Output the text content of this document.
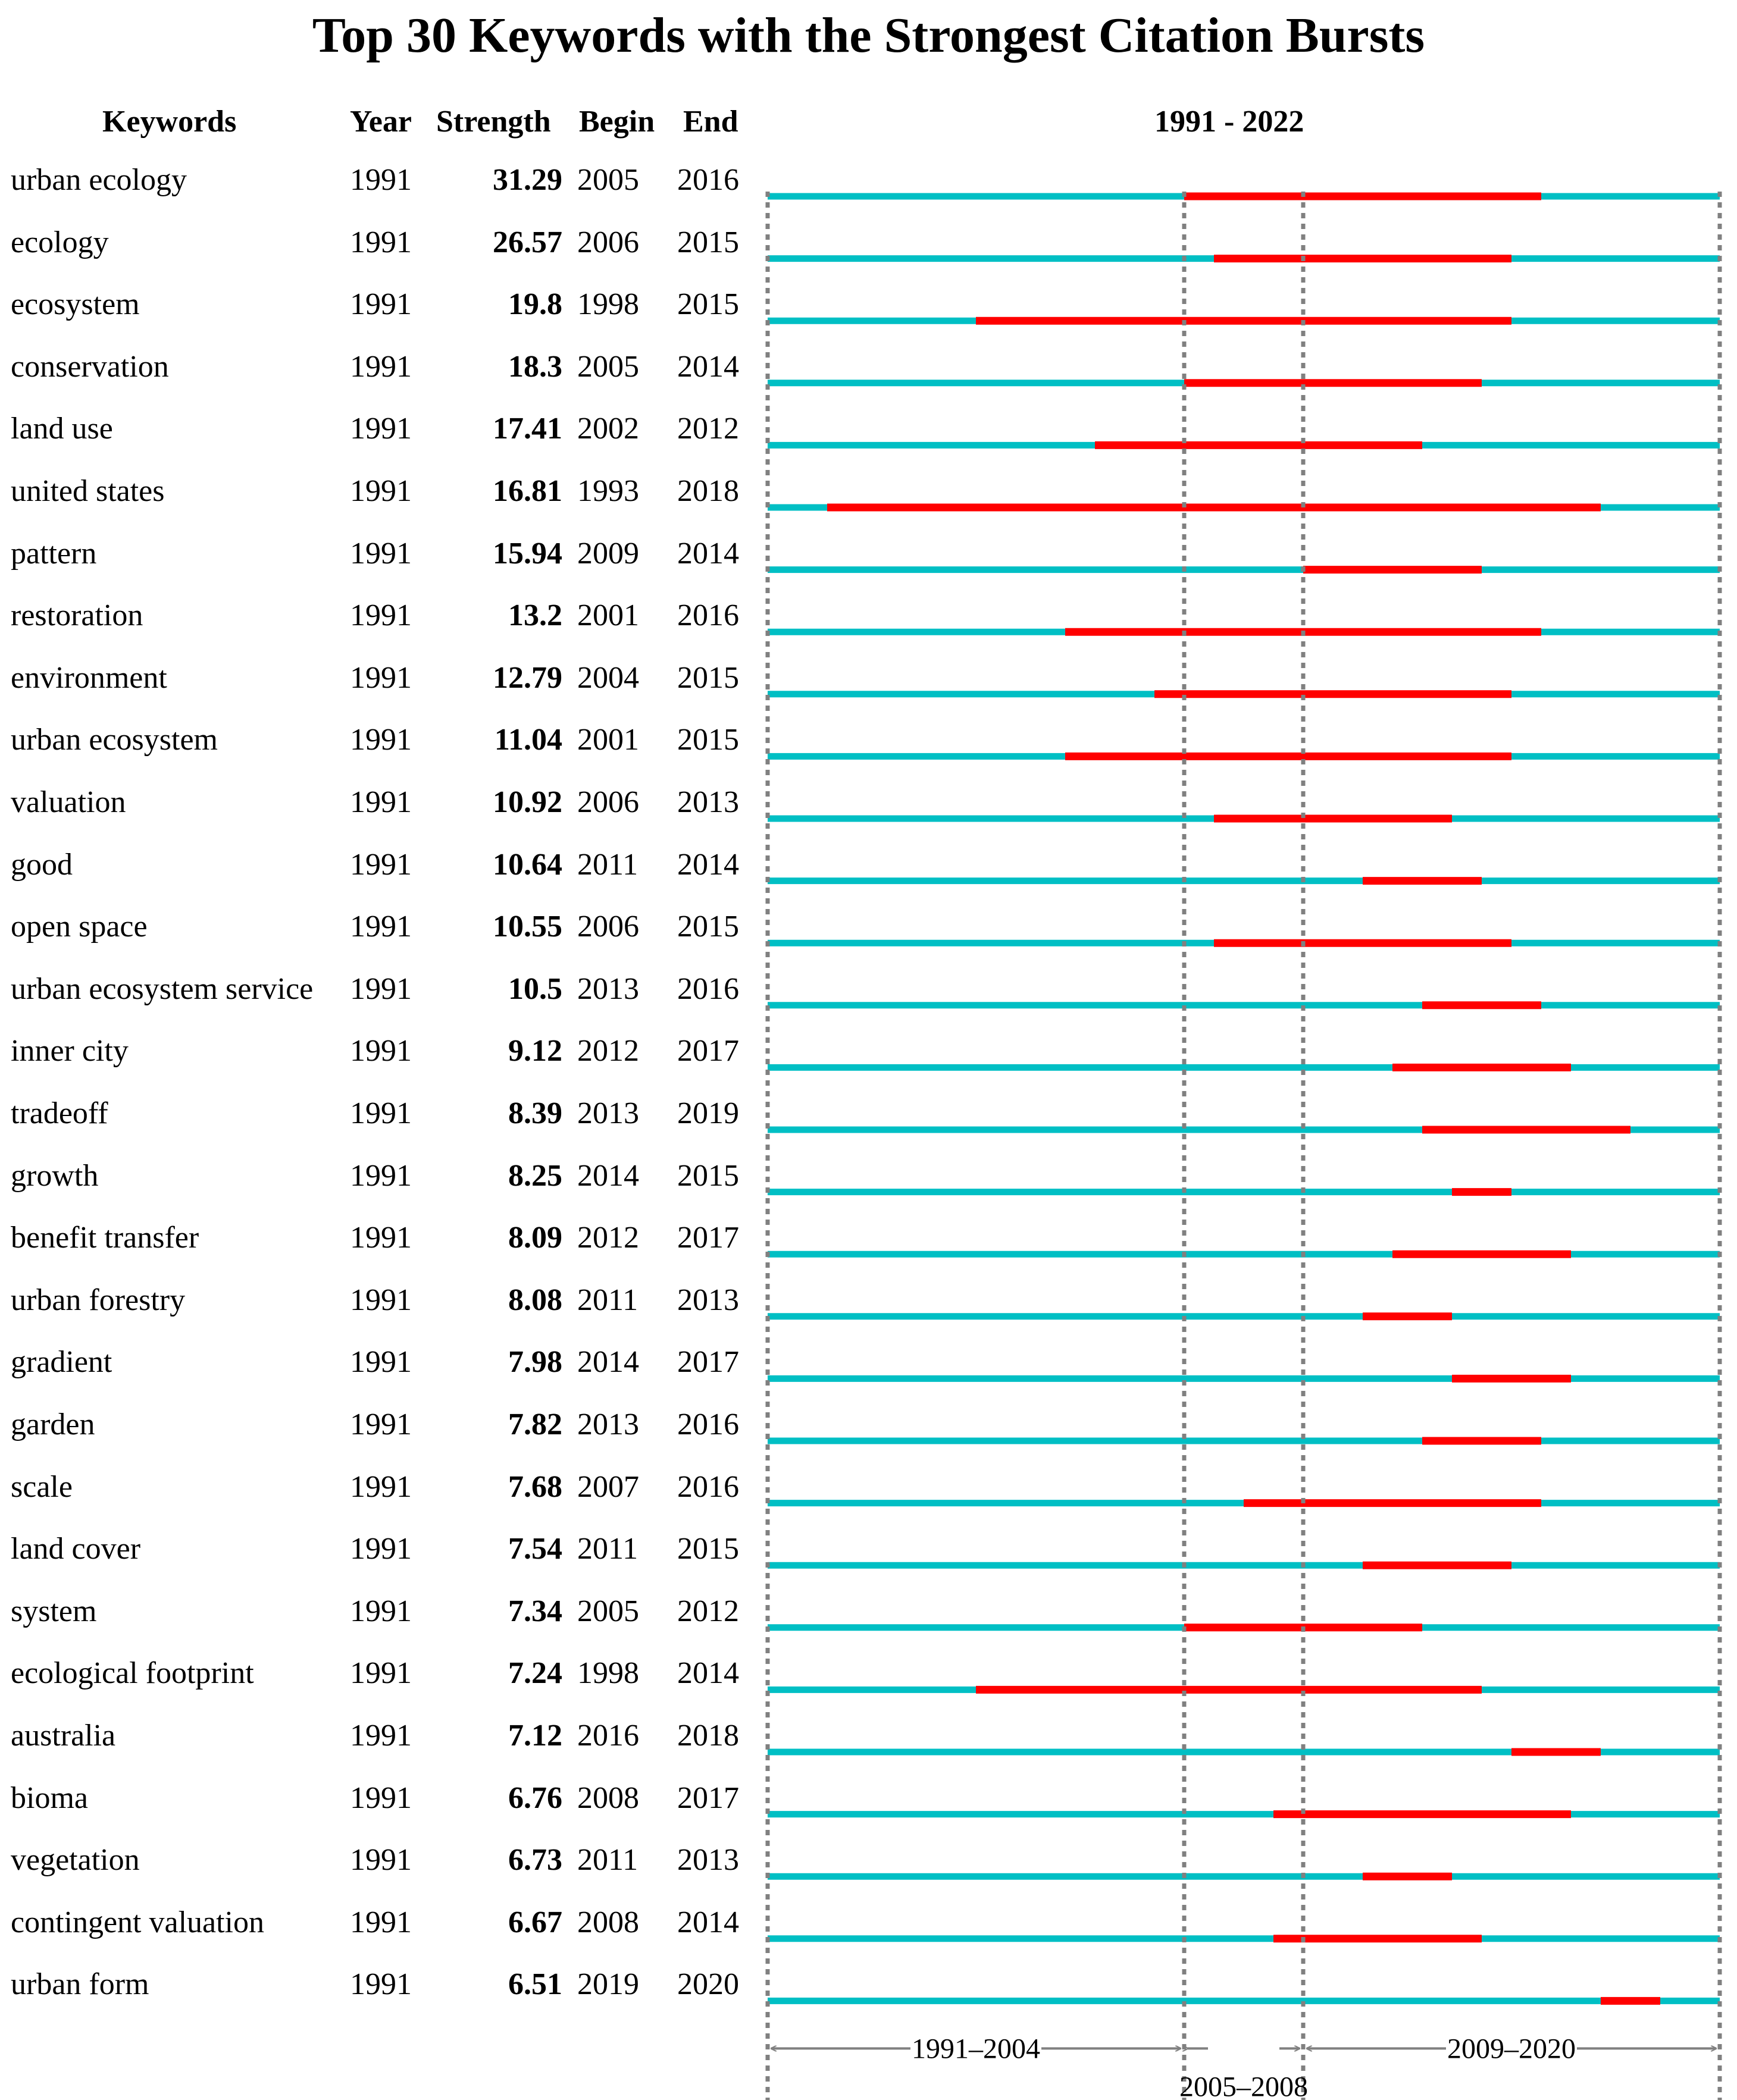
Top 30 Keywords with the Strongest Citation Bursts
Keywords	Year Strength Begin End	1991 - 2022
urban ecology	1991	31.29 2005 2016
ecology	1991	26.57 2006 2015
ecosystem	1991	19.8 1998 2015
conservation	1991	18.3 2005 2014
land use	1991	17.41 2002 2012
united states	1991	16.81 1993 2018
pattern	1991	15.94 2009 2014
restoration	1991	13.2 2001 2016
environment	1991	12.79 2004 2015
urban ecosystem	1991	11.04 2001 2015
valuation	1991	10.92 2006 2013
good	1991	10.64 2011 2014
open space	1991	10.55 2006 2015
urban ecosystem service 1991	10.5 2013 2016
inner city	1991	9.12 2012 2017
tradeoff	1991	8.39 2013 2019
growth	1991	8.25 2014 2015
benefit transfer	1991	8.09 2012 2017
urban forestry	1991	8.08 2011 2013
gradient	1991	7.98 2014 2017
garden	1991	7.82 2013 2016
scale	1991	7.68 2007 2016
land cover	1991	7.54 2011 2015
system	1991	7.34 2005 2012
ecological footprint	1991	7.24 1998 2014
australia	1991	7.12 2016 2018
bioma	1991	6.76 2008 2017
vegetation	1991	6.73 2011 2013
contingent valuation	1991	6.67 2008 2014
urban form	1991	6.51 2019 2020
1991–2004
2005–2008
2009–2020
